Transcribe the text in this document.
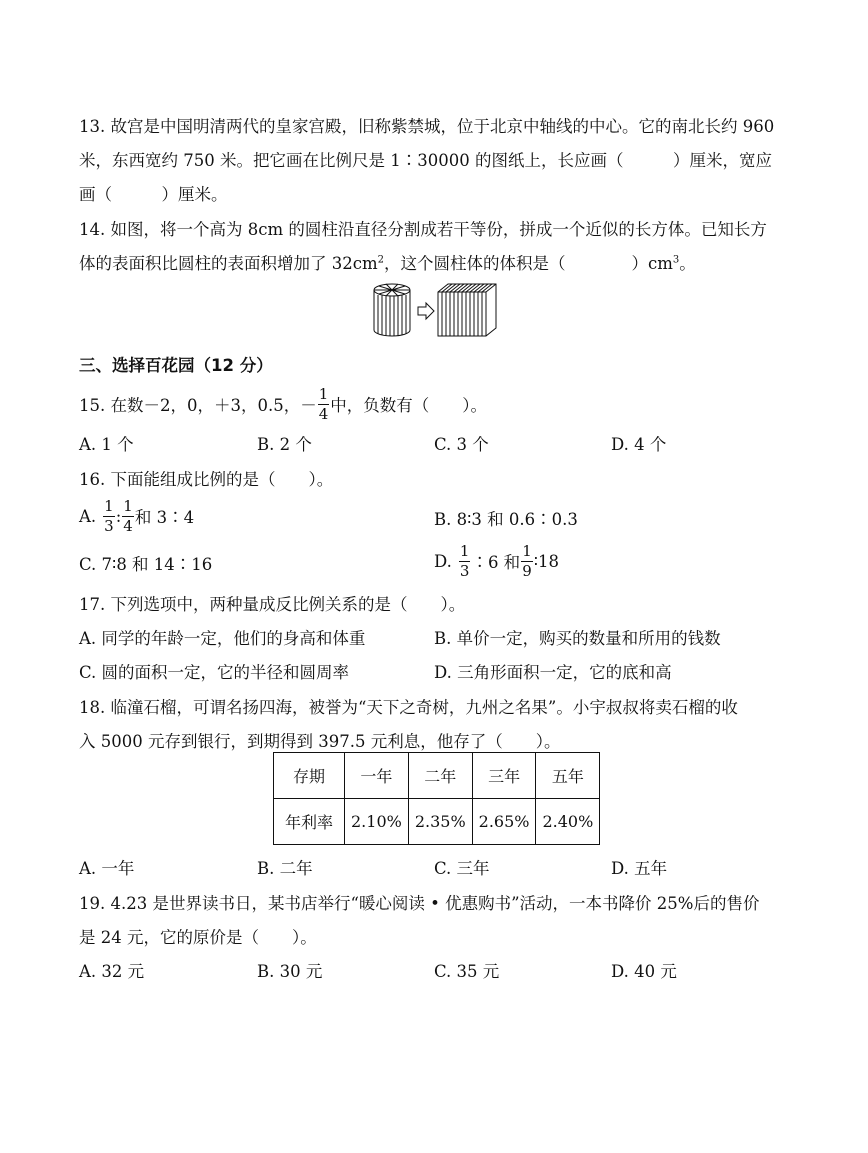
13. 故宫是中国明清两代的皇家宫殿，旧称紫禁城，位于北京中轴线的中心。它的南北长约 960
米，东西宽约 750 米。把它画在比例尺是 1∶30000 的图纸上，长应画（　　　）厘米，宽应
画（　　　）厘米。
14. 如图，将一个高为 8cm 的圆柱沿直径分割成若干等份，拼成一个近似的长方体。已知长方
体的表面积比圆柱的表面积增加了 $32cm^2$，这个圆柱体的体积是（　　　　）$cm^3$。
三、选择百花园（12 分）
15. 在数－2，0，＋3，0.5，－ $\frac{1}{4}$ 中，负数有（　　）。
A. 1 个	B. 2 个	C. 3 个	D. 4 个
16. 下面能组成比例的是（　　）。
A. $\frac{1}{3}$ : $\frac{1}{4}$ 和 3∶4	B. 8∶3 和 0.6∶0.3
C. 7∶8 和 14∶16	D. $\frac{1}{3}$ ∶6 和 $\frac{1}{9}$ ∶18
17. 下列选项中，两种量成反比例关系的是（　　）。
A. 同学的年龄一定，他们的身高和体重	B. 单价一定，购买的数量和所用的钱数
C. 圆的面积一定，它的半径和圆周率	D. 三角形面积一定，它的底和高
18. 临潼石榴，可谓名扬四海，被誉为“天下之奇树，九州之名果”。小宇叔叔将卖石榴的收
入 5000 元存到银行，到期得到 397.5 元利息，他存了（　　）。
存期	一年	二年	三年	五年
年利率	2.10%	2.35%	2.65%	2.40%
A. 一年	B. 二年	C. 三年	D. 五年
19. 4.23 是世界读书日，某书店举行“暖心阅读 • 优惠购书”活动，一本书降价 25%后的售价
是 24 元，它的原价是（　　）。
A. 32 元	B. 30 元	C. 35 元	D. 40 元
